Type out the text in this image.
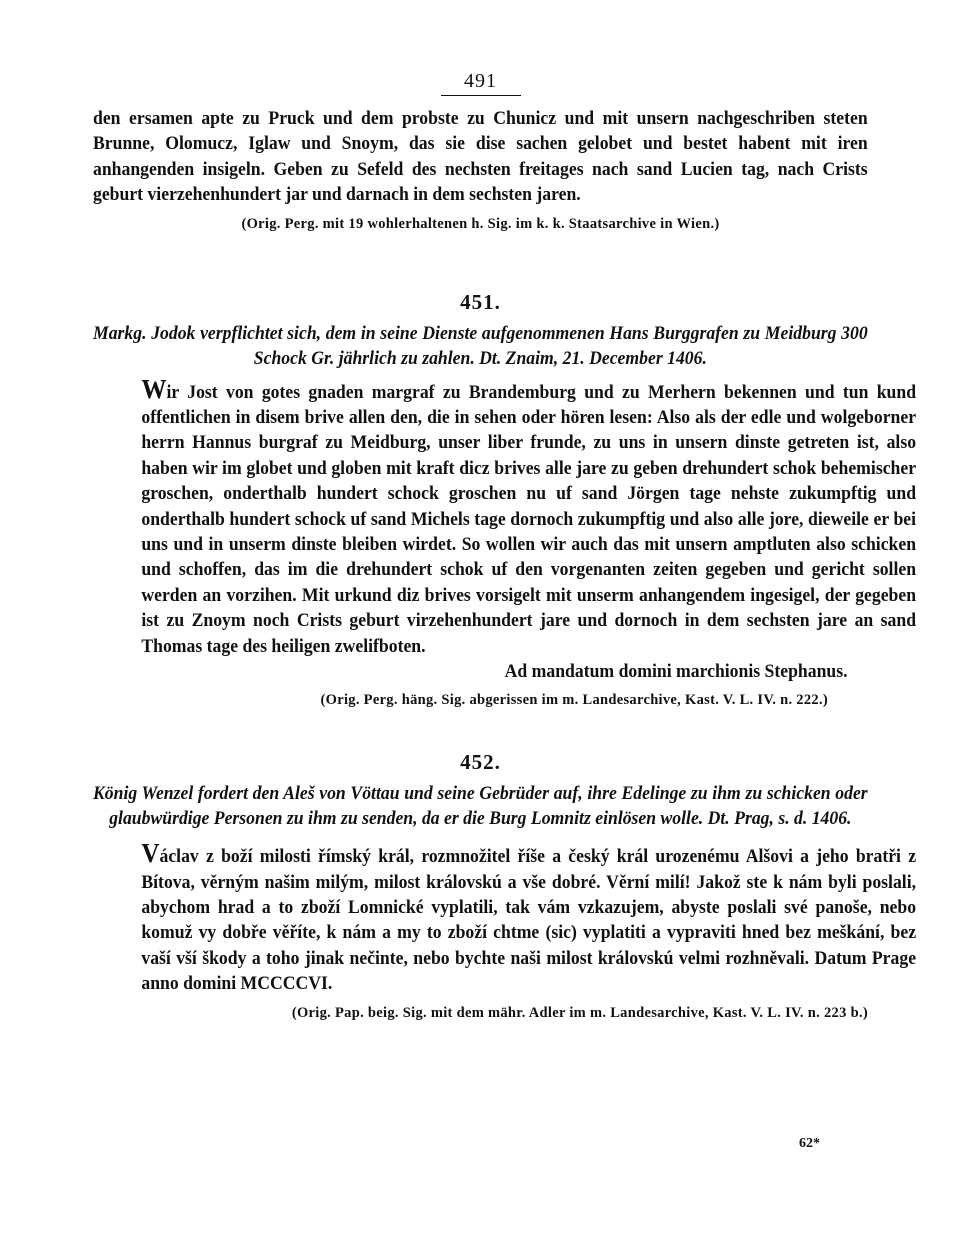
491

den ersamen apte zu Pruck und dem probste zu Chunicz und mit unsern nachgeschriben steten Brunne, Olomucz, Iglaw und Snoym, das sie dise sachen gelobet und bestet habent mit iren anhangenden insigeln. Geben zu Sefeld des nechsten freitages nach sand Lucien tag, nach Crists geburt vierzehenhundert jar und darnach in dem sechsten jaren.

(Orig. Perg. mit 19 wohlerhaltenen h. Sig. im k. k. Staatsarchive in Wien.)

451.

Markg. Jodok verpflichtet sich, dem in seine Dienste aufgenommenen Hans Burggrafen zu Meidburg 300 Schock Gr. jährlich zu zahlen. Dt. Znaim, 21. December 1406.

Wir Jost von gotes gnaden margraf zu Brandemburg und zu Merhern bekennen und tun kund offentlichen in disem brive allen den, die in sehen oder hören lesen: Also als der edle und wolgeborner herrn Hannus burgraf zu Meidburg, unser liber frunde, zu uns in unsern dinste getreten ist, also haben wir im globet und globen mit kraft dicz brives alle jare zu geben drehundert schok behemischer groschen, onderthalb hundert schock groschen nu uf sand Jörgen tage nehste zukumpftig und onderthalb hundert schock uf sand Michels tage dornoch zukumpftig und also alle jore, dieweile er bei uns und in unserm dinste bleiben wirdet. So wollen wir auch das mit unsern amptluten also schicken und schoffen, das im die drehundert schok uf den vorgenanten zeiten gegeben und gericht sollen werden an vorzihen. Mit urkund diz brives vorsigelt mit unserm anhangendem ingesigel, der gegeben ist zu Znoym noch Crists geburt virzehenhundert jare und dornoch in dem sechsten jare an sand Thomas tage des heiligen zwelifboten.

Ad mandatum domini marchionis Stephanus.

(Orig. Perg. häng. Sig. abgerissen im m. Landesarchive, Kast. V. L. IV. n. 222.)

452.

König Wenzel fordert den Aleš von Vöttau und seine Gebrüder auf, ihre Edelinge zu ihm zu schicken oder glaubwürdige Personen zu ihm zu senden, da er die Burg Lomnitz einlösen wolle. Dt. Prag, s. d. 1406.

Václav z boží milosti římský král, rozmnožitel říše a český král urozenému Alšovi a jeho bratři z Bítova, věrným našim milým, milost královskú a vše dobré. Věrní milí! Jakož ste k nám byli poslali, abychom hrad a to zboží Lomnické vyplatili, tak vám vzkazujem, abyste poslali své panoše, nebo komuž vy dobře věříte, k nám a my to zboží chtme (sic) vyplatiti a vypraviti hned bez meškání, bez vaší vší škody a toho jinak nečinte, nebo bychte naši milost královskú velmi rozhněvali. Datum Prage anno domini MCCCCVI.

(Orig. Pap. beig. Sig. mit dem mähr. Adler im m. Landesarchive, Kast. V. L. IV. n. 223 b.)

62*
